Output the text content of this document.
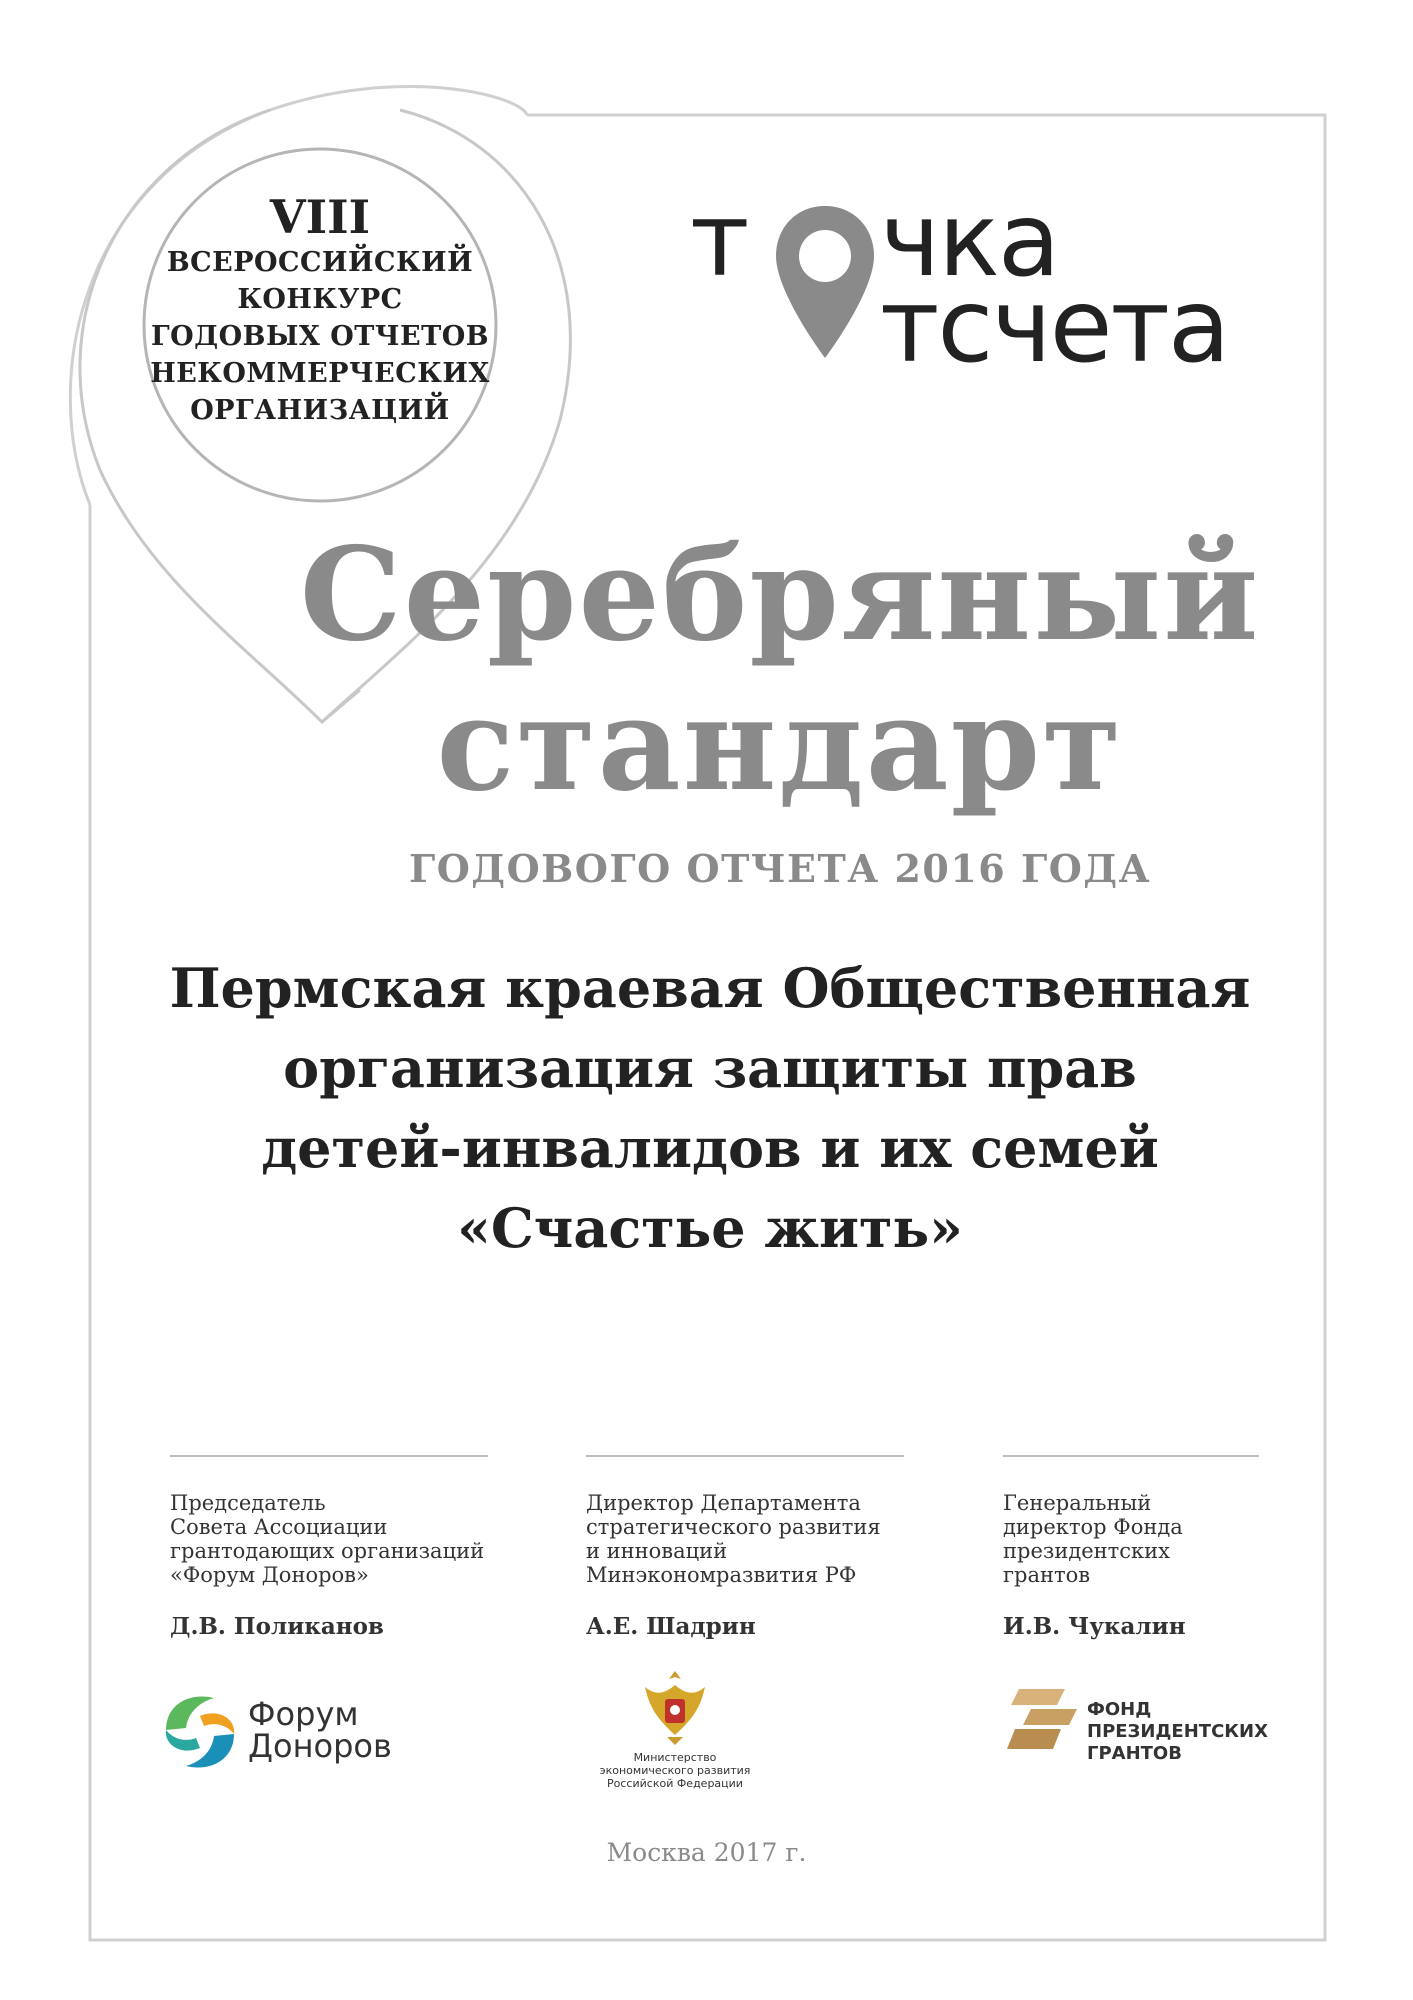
VIII
ВСЕРОССИЙСКИЙ
КОНКУРС
ГОДОВЫХ ОТЧЕТОВ
НЕКОММЕРЧЕСКИХ
ОРГАНИЗАЦИЙ
т чка
тсчета
Серебряный
стандарт
ГОДОВОГО ОТЧЕТА 2016 ГОДА
Пермская краевая Общественная
организация защиты прав
детей-инвалидов и их семей
«Счастье жить»
Председатель
Совета Ассоциации
грантодающих организаций
«Форум Доноров»
Д.В. Поликанов
Директор Департамента
стратегического развития
и инноваций
Минэкономразвития РФ
А.Е. Шадрин
Генеральный
директор Фонда
президентских
грантов
И.В. Чукалин
Форум
Доноров	Министерство
экономического развития
Российской Федерации
ФОНД
ПРЕЗИДЕНТСКИХ
ГРАНТОВ
Москва 2017 г.
